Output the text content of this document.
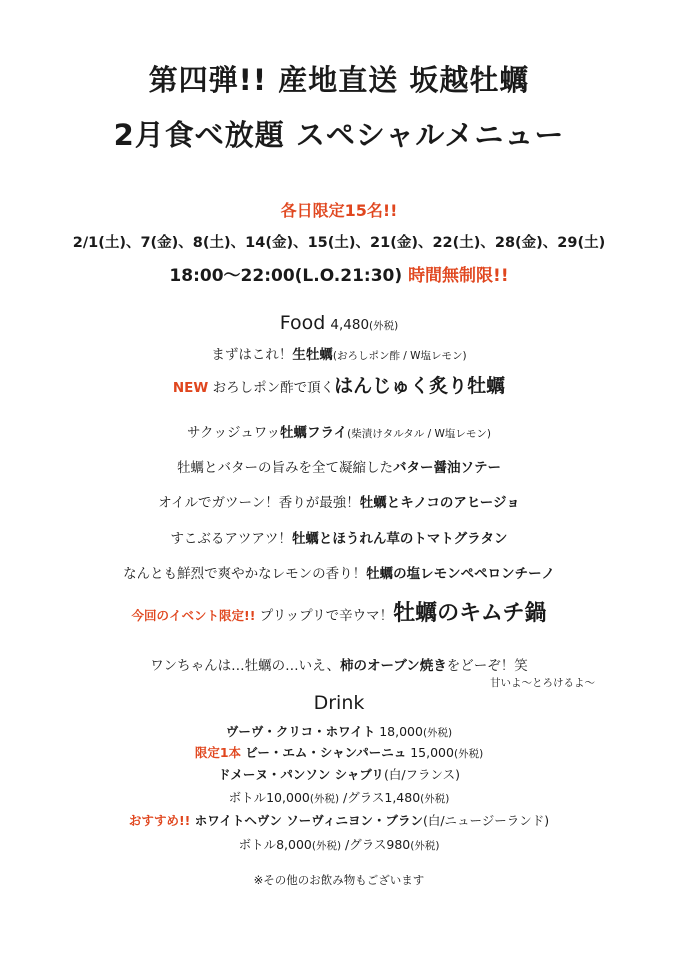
第四弾!! 産地直送 坂越牡蠣
2月食べ放題 スペシャルメニュー
各日限定15名!!
2/1(土)、7(金)、8(土)、14(金)、15(土)、21(金)、22(土)、28(金)、29(土)
18:00〜22:00(L.O.21:30) 時間無制限!!
Food 4,480(外税)
まずはこれ！生牡蠣(おろしポン酢 / W塩レモン)
NEW おろしポン酢で頂くはんじゅく炙り牡蠣
サクッジュワッ牡蠣フライ(柴漬けタルタル / W塩レモン)
牡蠣とバターの旨みを全て凝縮したバター醤油ソテー
オイルでガツーン！香りが最強！牡蠣とキノコのアヒージョ
すこぶるアツアツ！牡蠣とほうれん草のトマトグラタン
なんとも鮮烈で爽やかなレモンの香り！牡蠣の塩レモンペペロンチーノ
今回のイベント限定!! プリップリで辛ウマ！牡蠣のキムチ鍋
ワンちゃんは…牡蠣の…いえ、柿のオーブン焼きをどーぞ！笑
甘いよ〜とろけるよ〜
Drink
ヴーヴ・クリコ・ホワイト 18,000(外税)
限定1本 ビー・エム・シャンパーニュ 15,000(外税)
ドメーヌ・パンソン シャブリ(白/フランス)
ボトル10,000(外税) /グラス1,480(外税)
おすすめ!! ホワイトヘヴン ソーヴィニヨン・ブラン(白/ニュージーランド)
ボトル8,000(外税) /グラス980(外税)
※その他のお飲み物もございます
